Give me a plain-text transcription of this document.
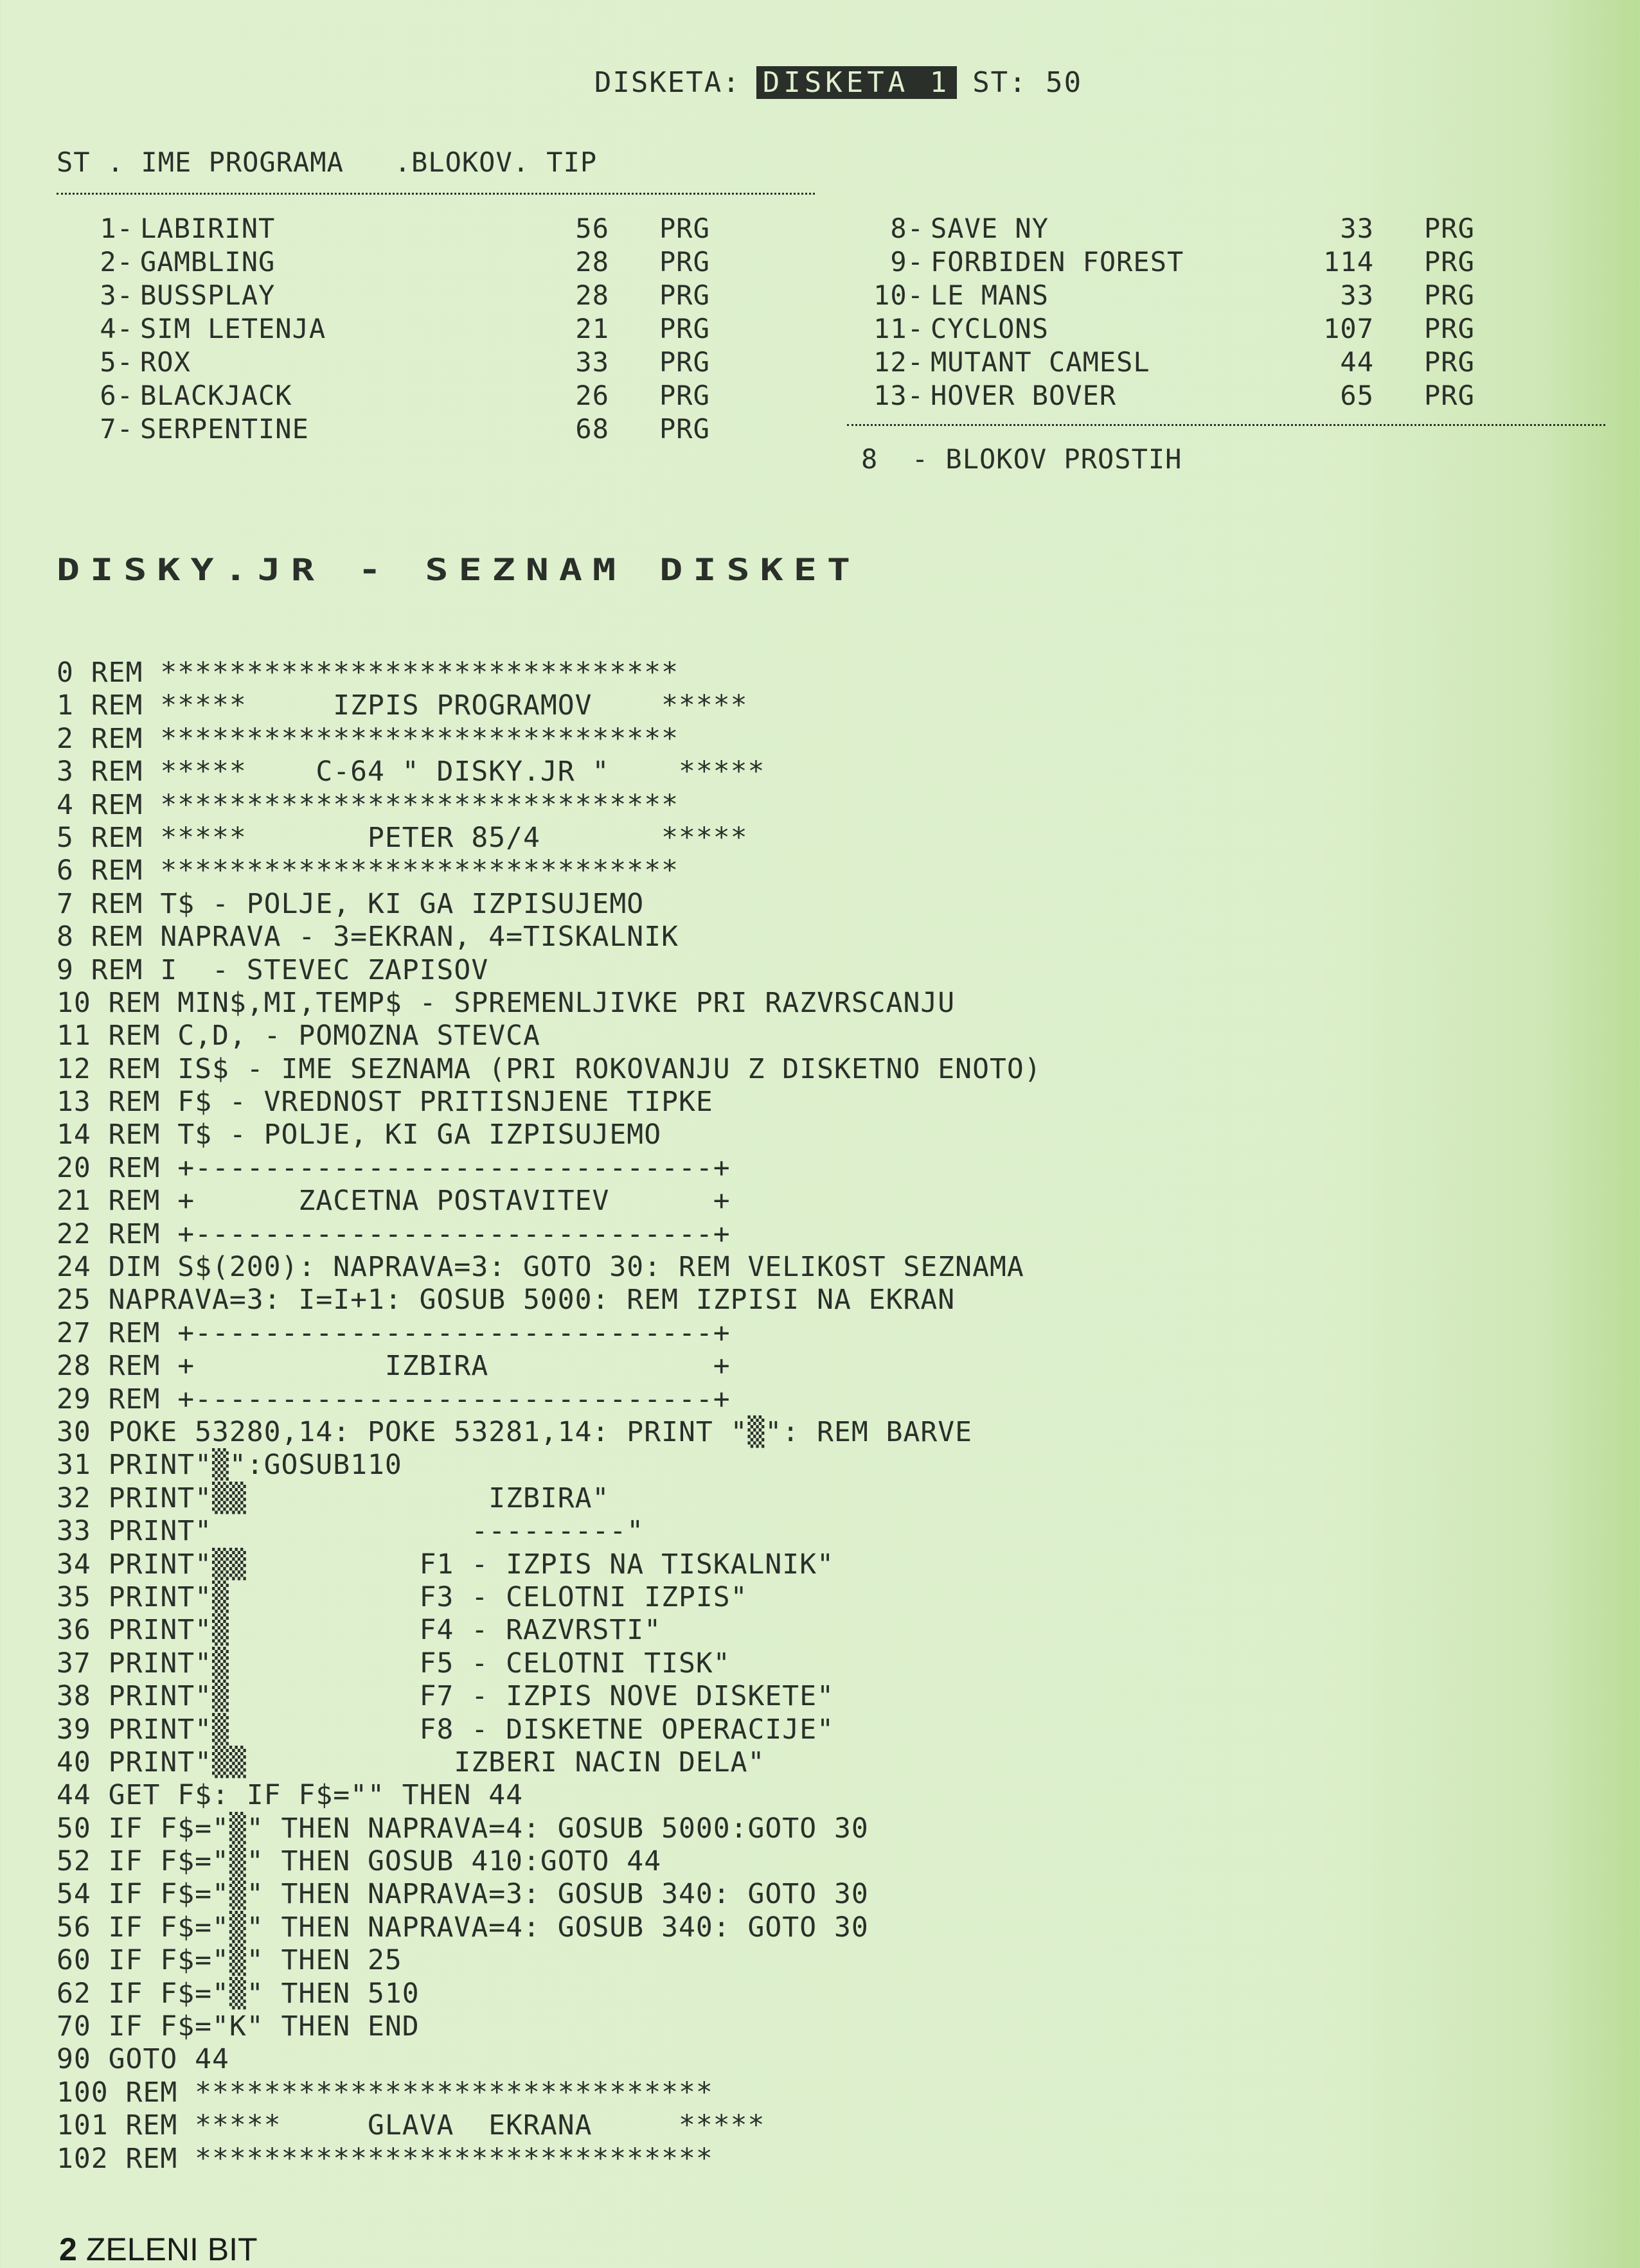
DISKETA: DISKETA 1 ST: 50

ST . IME PROGRAMA   .BLOKOV. TIP
1- LABIRINT	56 PRG
2- GAMBLING	28 PRG
3- BUSSPLAY	28 PRG
4- SIM LETENJA	21 PRG
5- ROX	33 PRG
6- BLACKJACK	26 PRG
7- SERPENTINE	68 PRG
8- SAVE NY	33 PRG
9- FORBIDEN FOREST	114 PRG
10- LE MANS	33 PRG
11- CYCLONS	107 PRG
12- MUTANT CAMESL	44 PRG
13- HOVER BOVER	65 PRG
8  - BLOKOV PROSTIH
DISKY.JR - SEZNAM DISKET
0 REM ******************************
1 REM *****     IZPIS PROGRAMOV    *****
2 REM ******************************
3 REM *****    C-64 " DISKY.JR "    *****
4 REM ******************************
5 REM *****       PETER 85/4       *****
6 REM ******************************
7 REM T$ - POLJE, KI GA IZPISUJEMO
8 REM NAPRAVA - 3=EKRAN, 4=TISKALNIK
9 REM I  - STEVEC ZAPISOV
10 REM MIN$,MI,TEMP$ - SPREMENLJIVKE PRI RAZVRSCANJU
11 REM C,D, - POMOZNA STEVCA
12 REM IS$ - IME SEZNAMA (PRI ROKOVANJU Z DISKETNO ENOTO)
13 REM F$ - VREDNOST PRITISNJENE TIPKE
14 REM T$ - POLJE, KI GA IZPISUJEMO
20 REM +------------------------------+
21 REM +      ZACETNA POSTAVITEV      +
22 REM +------------------------------+
24 DIM S$(200): NAPRAVA=3: GOTO 30: REM VELIKOST SEZNAMA
25 NAPRAVA=3: I=I+1: GOSUB 5000: REM IZPISI NA EKRAN
27 REM +------------------------------+
28 REM +           IZBIRA             +
29 REM +------------------------------+
30 POKE 53280,14: POKE 53281,14: PRINT "▒": REM BARVE
31 PRINT"▒":GOSUB110
32 PRINT"▒▒              IZBIRA"
33 PRINT"               ---------"
34 PRINT"▒▒          F1 - IZPIS NA TISKALNIK"
35 PRINT"▒           F3 - CELOTNI IZPIS"
36 PRINT"▒           F4 - RAZVRSTI"
37 PRINT"▒           F5 - CELOTNI TISK"
38 PRINT"▒           F7 - IZPIS NOVE DISKETE"
39 PRINT"▒           F8 - DISKETNE OPERACIJE"
40 PRINT"▒▒            IZBERI NACIN DELA"
44 GET F$: IF F$="" THEN 44
50 IF F$="▒" THEN NAPRAVA=4: GOSUB 5000:GOTO 30
52 IF F$="▒" THEN GOSUB 410:GOTO 44
54 IF F$="▒" THEN NAPRAVA=3: GOSUB 340: GOTO 30
56 IF F$="▒" THEN NAPRAVA=4: GOSUB 340: GOTO 30
60 IF F$="▒" THEN 25
62 IF F$="▒" THEN 510
70 IF F$="K" THEN END
90 GOTO 44
100 REM ******************************
101 REM *****     GLAVA  EKRANA     *****
102 REM ******************************
2 ZELENI BIT
